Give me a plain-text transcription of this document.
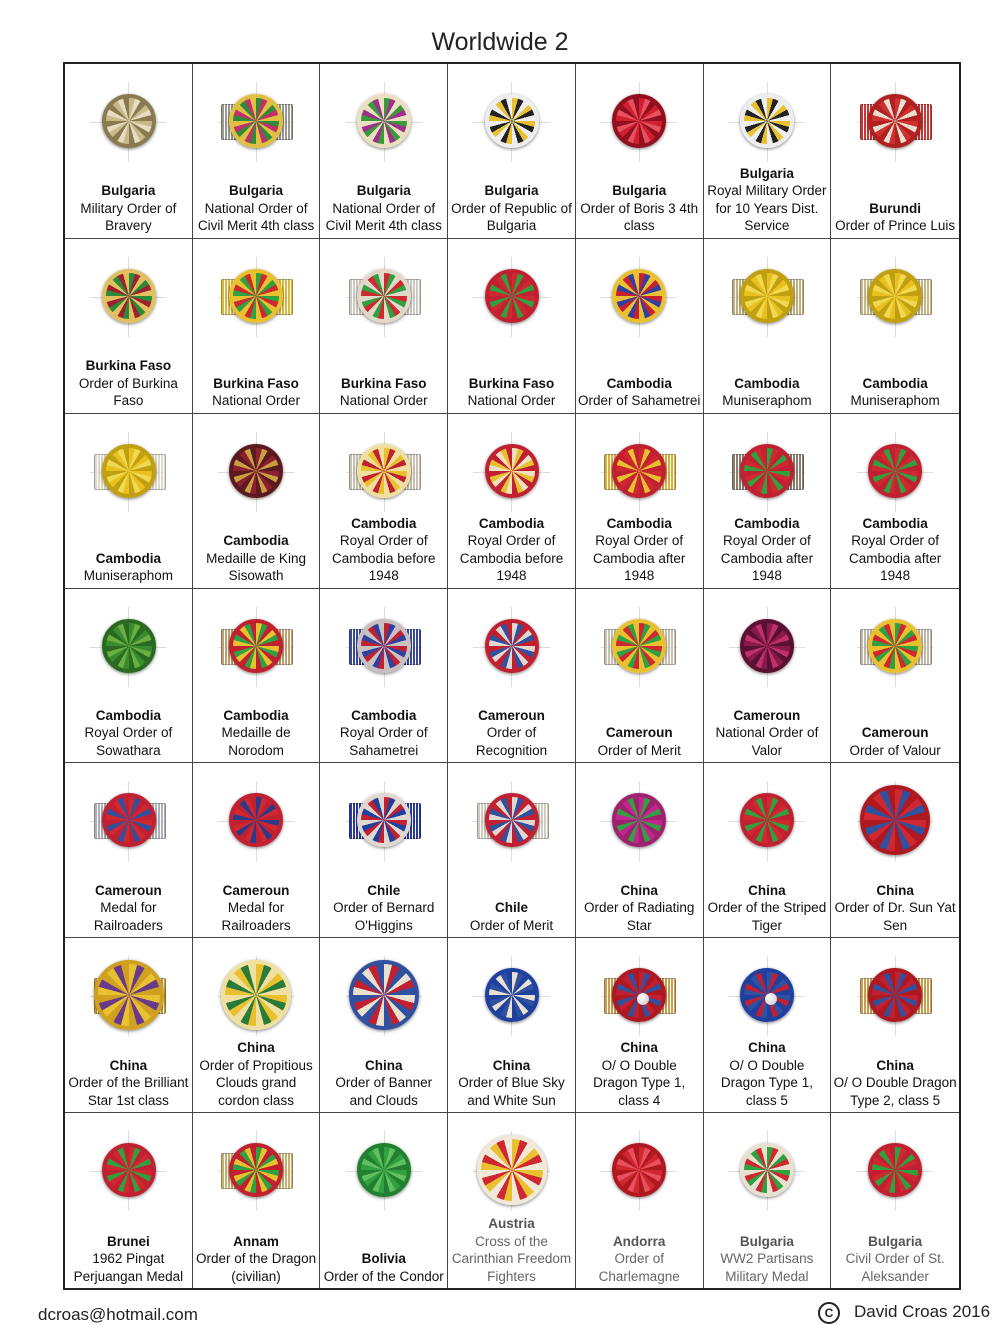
Worldwide 2
Bulgaria
Military Order of Bravery
Bulgaria
National Order of Civil Merit 4th class
Bulgaria
National Order of Civil Merit 4th class
Bulgaria
Order of Republic of Bulgaria
Bulgaria
Order of Boris 3 4th class
Bulgaria
Royal Military Order for 10 Years Dist. Service
Burundi
Order of Prince Luis
Burkina Faso
Order of Burkina Faso
Burkina Faso
National Order
Burkina Faso
National Order
Burkina Faso
National Order
Cambodia
Order of Sahametrei
Cambodia
Muniseraphom
Cambodia
Muniseraphom
Cambodia
Muniseraphom
Cambodia
Medaille de King Sisowath
Cambodia
Royal Order of Cambodia before 1948
Cambodia
Royal Order of Cambodia before 1948
Cambodia
Royal Order of Cambodia after 1948
Cambodia
Royal Order of Cambodia after 1948
Cambodia
Royal Order of Cambodia after 1948
Cambodia
Royal Order of Sowathara
Cambodia
Medaille de Norodom
Cambodia
Royal Order of Sahametrei
Cameroun
Order of Recognition
Cameroun
Order of Merit
Cameroun
National Order of Valor
Cameroun
Order of Valour
Cameroun
Medal for Railroaders
Cameroun
Medal for Railroaders
Chile
Order of Bernard O'Higgins
Chile
Order of Merit
China
Order of Radiating Star
China
Order of the Striped Tiger
China
Order of Dr. Sun Yat Sen
China
Order of the Brilliant Star 1st class
China
Order of Propitious Clouds grand cordon class
China
Order of Banner and Clouds
China
Order of Blue Sky and White Sun
China
O/ O Double Dragon Type 1, class 4
China
O/ O Double Dragon Type 1, class 5
China
O/ O Double Dragon Type 2, class 5
Brunei
1962 Pingat Perjuangan Medal
Annam
Order of the Dragon (civilian)
Bolivia
Order of the Condor
Austria
Cross of the Carinthian Freedom Fighters
Andorra
Order of Charlemagne
Bulgaria
WW2 Partisans Military Medal
Bulgaria
Civil Order of St. Aleksander
dcroas@hotmail.com	C David Croas 2016
